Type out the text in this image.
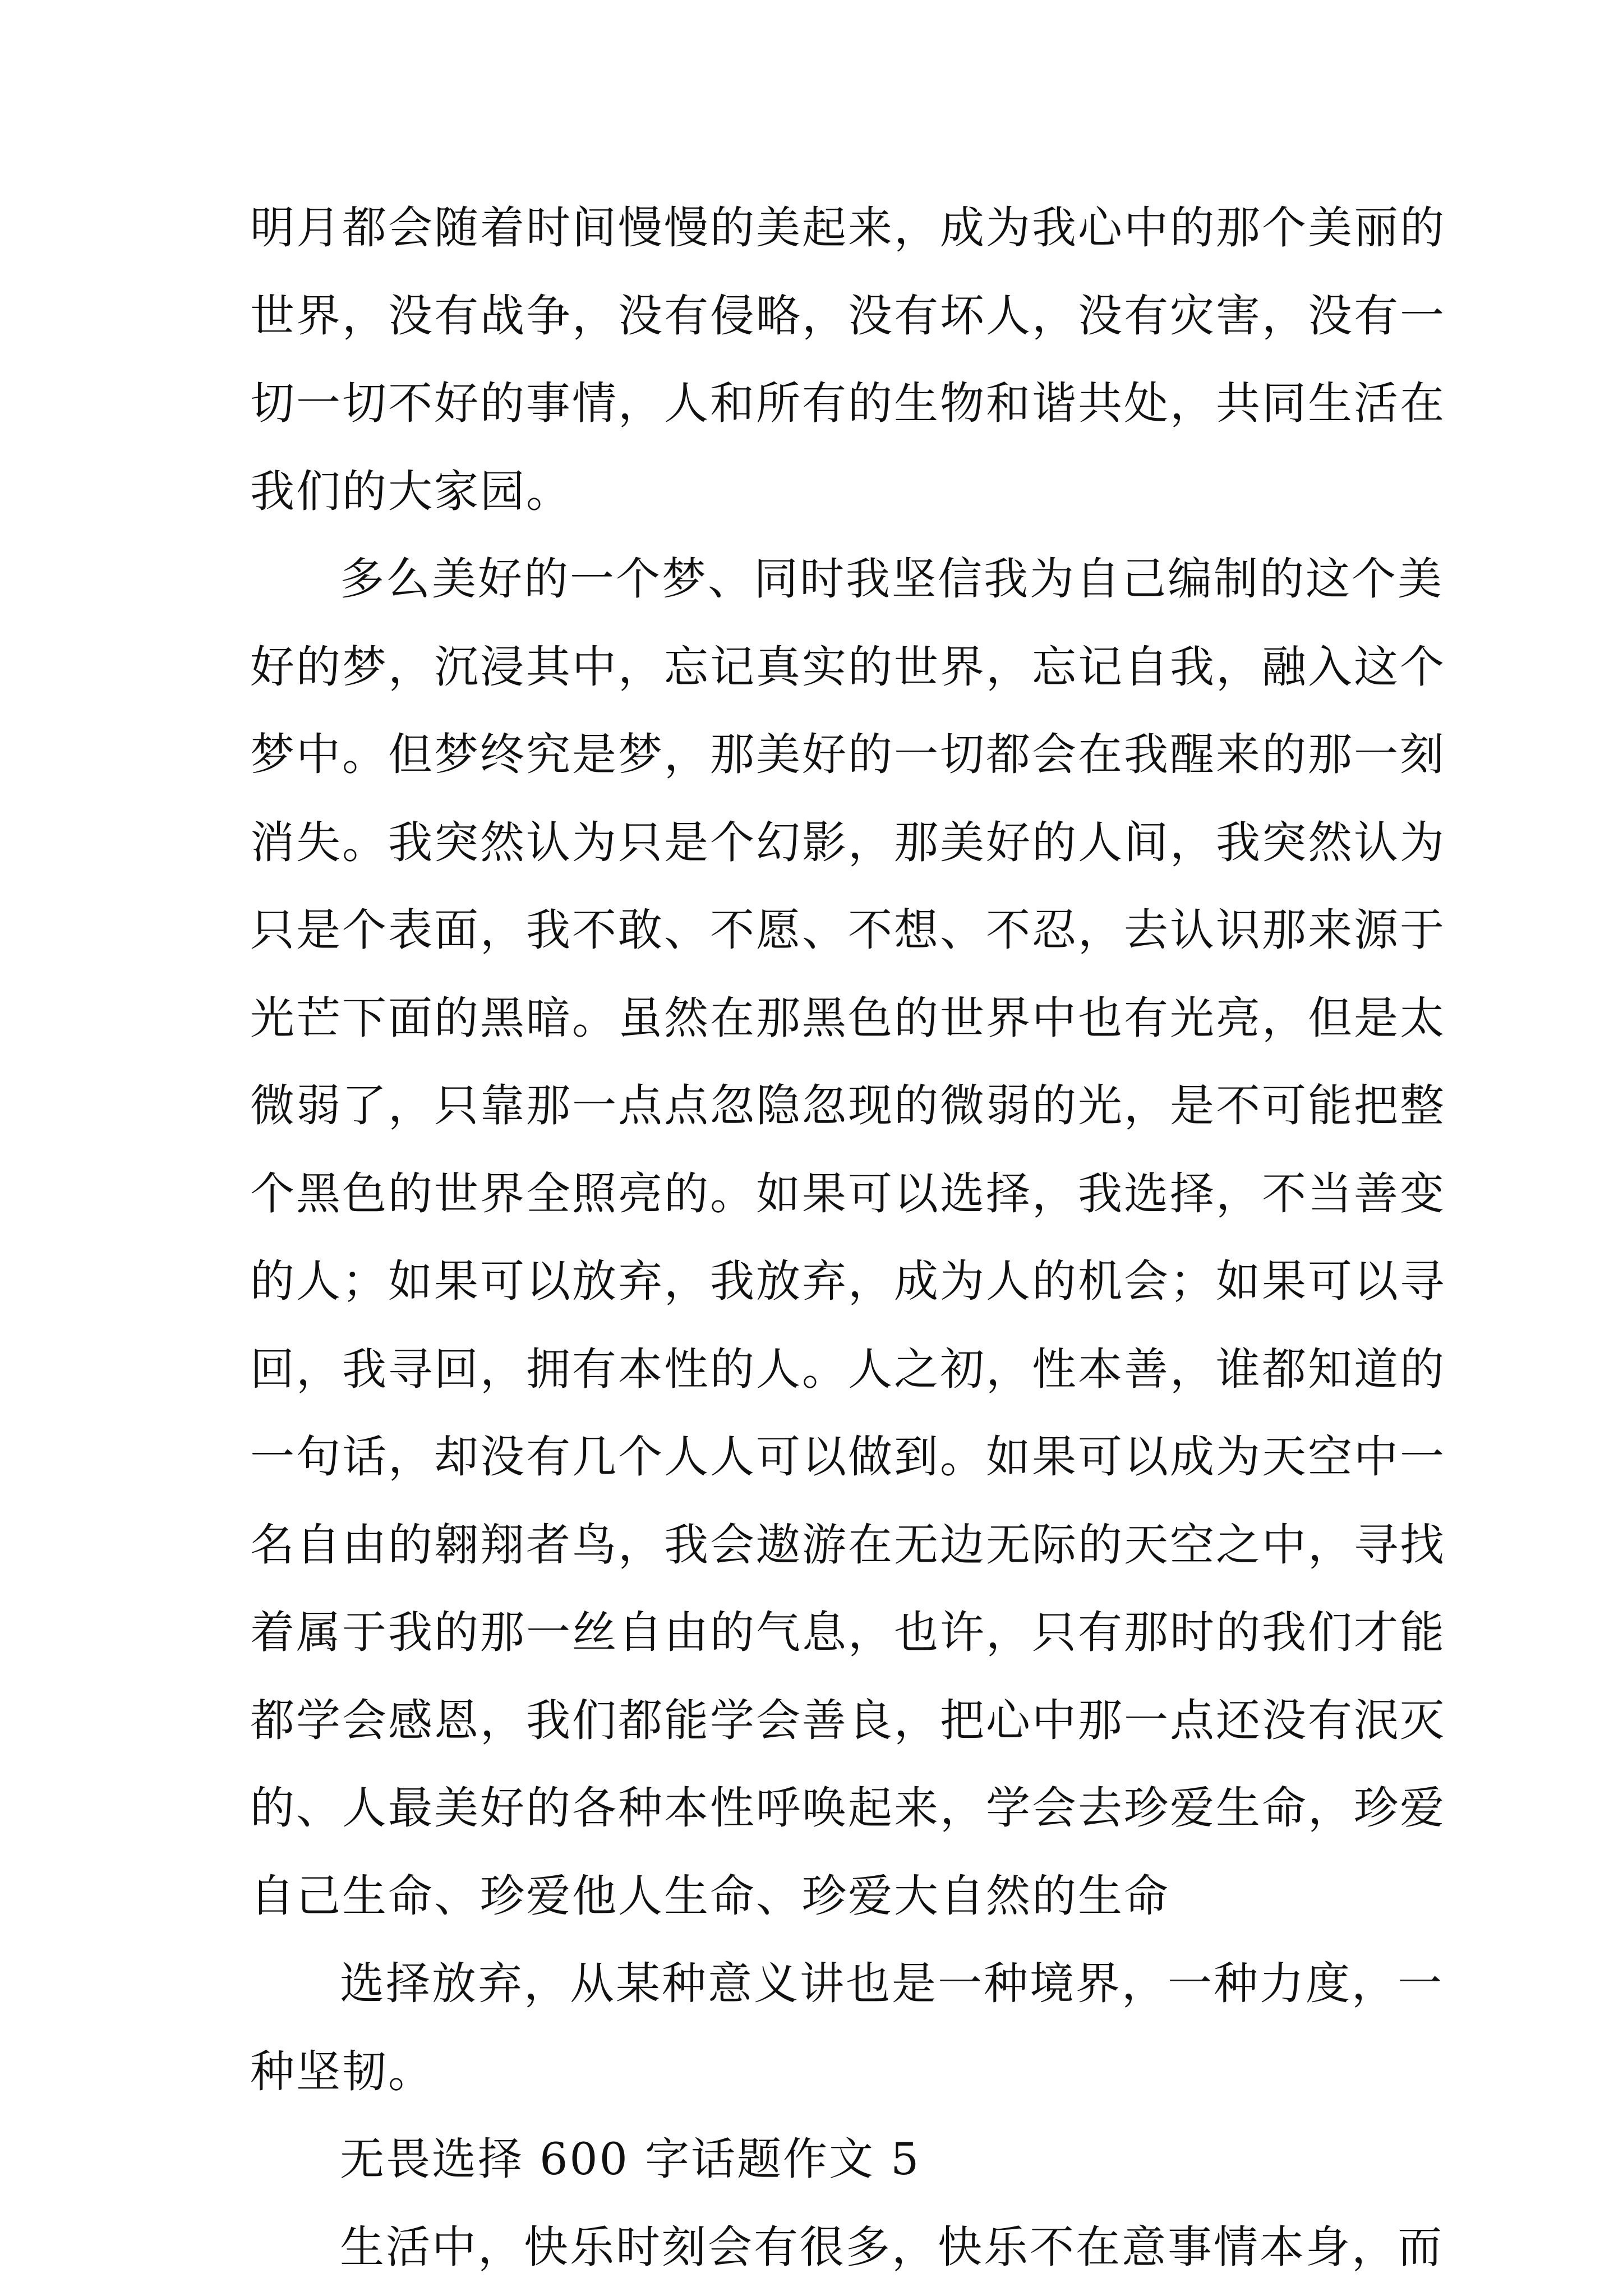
明月都会随着时间慢慢的美起来，成为我心中的那个美丽的
世界，没有战争，没有侵略，没有坏人，没有灾害，没有一
切一切不好的事情，人和所有的生物和谐共处，共同生活在
我们的大家园。

多么美好的一个梦、同时我坚信我为自己编制的这个美
好的梦，沉浸其中，忘记真实的世界，忘记自我，融入这个
梦中。但梦终究是梦，那美好的一切都会在我醒来的那一刻
消失。我突然认为只是个幻影，那美好的人间，我突然认为
只是个表面，我不敢、不愿、不想、不忍，去认识那来源于
光芒下面的黑暗。虽然在那黑色的世界中也有光亮，但是太
微弱了，只靠那一点点忽隐忽现的微弱的光，是不可能把整
个黑色的世界全照亮的。如果可以选择，我选择，不当善变
的人；如果可以放弃，我放弃，成为人的机会；如果可以寻
回，我寻回，拥有本性的人。人之初，性本善，谁都知道的
一句话，却没有几个人人可以做到。如果可以成为天空中一
名自由的翱翔者鸟，我会遨游在无边无际的天空之中，寻找
着属于我的那一丝自由的气息，也许，只有那时的我们才能
都学会感恩，我们都能学会善良，把心中那一点还没有泯灭
的、人最美好的各种本性呼唤起来，学会去珍爱生命，珍爱
自己生命、珍爱他人生命、珍爱大自然的生命

选择放弃，从某种意义讲也是一种境界，一种力度，一
种坚韧。

无畏选择 600 字话题作文 5

生活中，快乐时刻会有很多，快乐不在意事情本身，而
